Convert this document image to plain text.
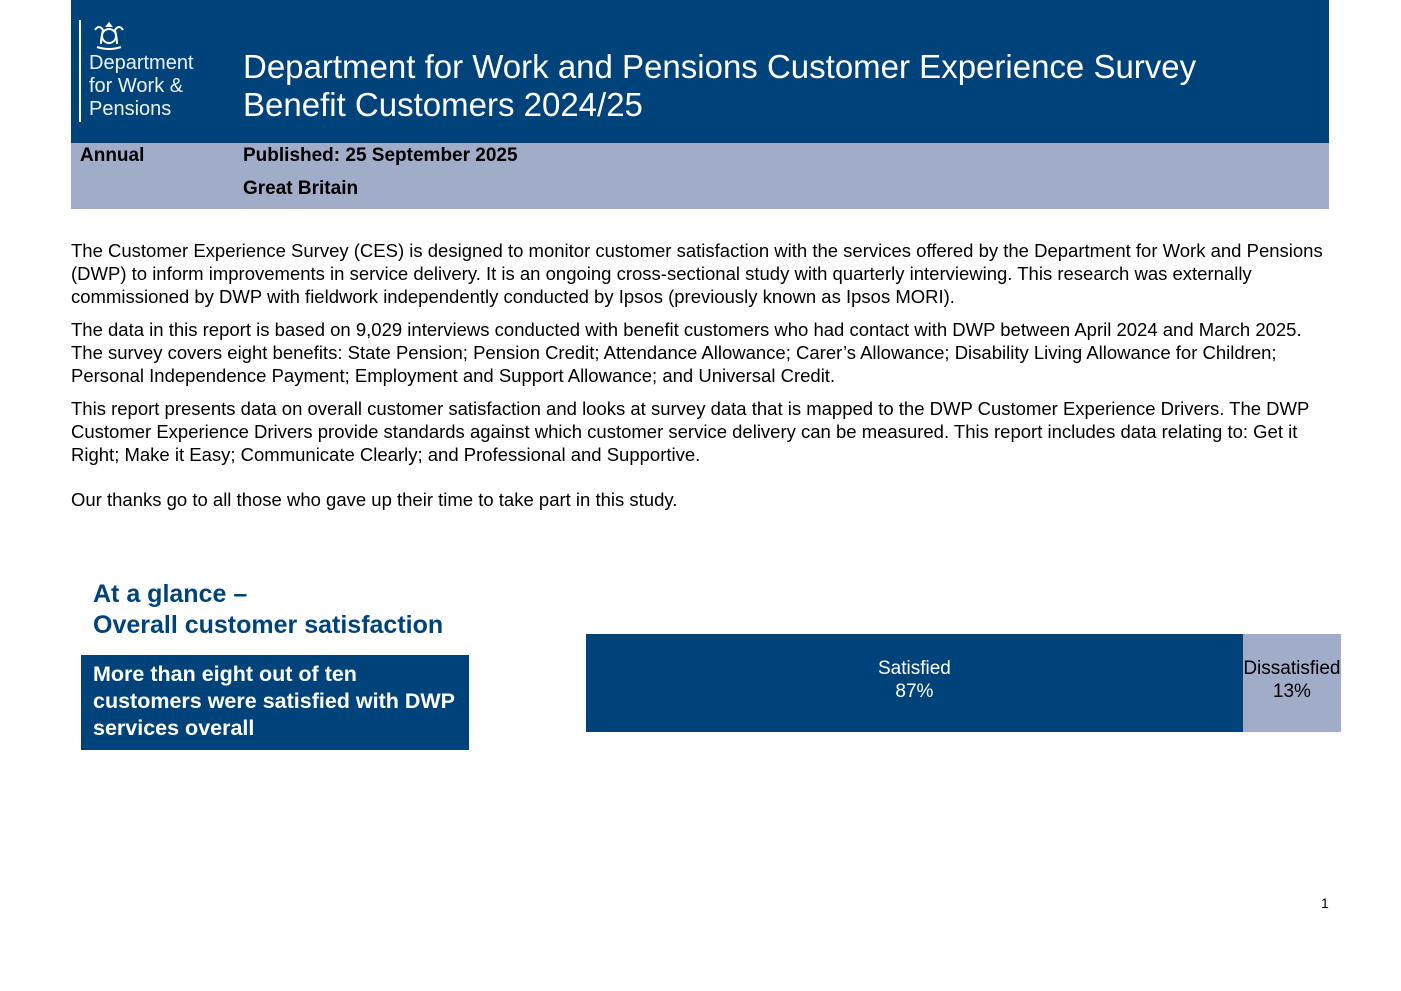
Department
for Work &
Pensions
Department for Work and Pensions Customer Experience Survey
Benefit Customers 2024/25
Annual	Published: 25 September 2025
Great Britain

The Customer Experience Survey (CES) is designed to monitor customer satisfaction with the services offered by the Department for Work and Pensions (DWP) to inform improvements in service delivery. It is an ongoing cross-sectional study with quarterly interviewing. This research was externally commissioned by DWP with fieldwork independently conducted by Ipsos (previously known as Ipsos MORI).

The data in this report is based on 9,029 interviews conducted with benefit customers who had contact with DWP between April 2024 and March 2025. The survey covers eight benefits: State Pension; Pension Credit; Attendance Allowance; Carer’s Allowance; Disability Living Allowance for Children; Personal Independence Payment; Employment and Support Allowance; and Universal Credit.

This report presents data on overall customer satisfaction and looks at survey data that is mapped to the DWP Customer Experience Drivers. The DWP Customer Experience Drivers provide standards against which customer service delivery can be measured. This report includes data relating to: Get it Right; Make it Easy; Communicate Clearly; and Professional and Supportive.

Our thanks go to all those who gave up their time to take part in this study.

At a glance –
Overall customer satisfaction
More than eight out of ten customers were satisfied with DWP services overall
Satisfied
87%
Dissatisfied
13%
1
